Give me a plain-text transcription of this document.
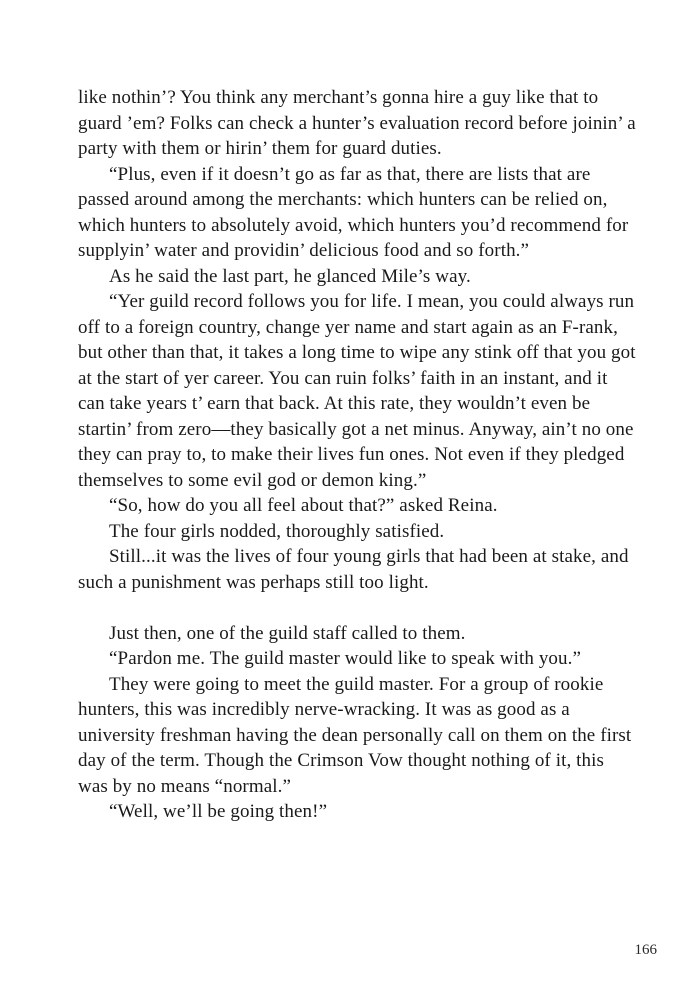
like nothin’? You think any merchant’s gonna hire a guy like that to guard ’em? Folks can check a hunter’s evaluation record before joinin’ a party with them or hirin’ them for guard duties.

“Plus, even if it doesn’t go as far as that, there are lists that are passed around among the merchants: which hunters can be relied on, which hunters to absolutely avoid, which hunters you’d recommend for supplyin’ water and providin’ delicious food and so forth.”

As he said the last part, he glanced Mile’s way.

“Yer guild record follows you for life. I mean, you could always run off to a foreign country, change yer name and start again as an F-rank, but other than that, it takes a long time to wipe any stink off that you got at the start of yer career. You can ruin folks’ faith in an instant, and it can take years t’ earn that back. At this rate, they wouldn’t even be startin’ from zero—they basically got a net minus. Anyway, ain’t no one they can pray to, to make their lives fun ones. Not even if they pledged themselves to some evil god or demon king.”

“So, how do you all feel about that?” asked Reina.

The four girls nodded, thoroughly satisfied.

Still...it was the lives of four young girls that had been at stake, and such a punishment was perhaps still too light.

Just then, one of the guild staff called to them.

“Pardon me. The guild master would like to speak with you.”

They were going to meet the guild master. For a group of rookie hunters, this was incredibly nerve-wracking. It was as good as a university freshman having the dean personally call on them on the first day of the term. Though the Crimson Vow thought nothing of it, this was by no means “normal.”

“Well, we’ll be going then!”

166
